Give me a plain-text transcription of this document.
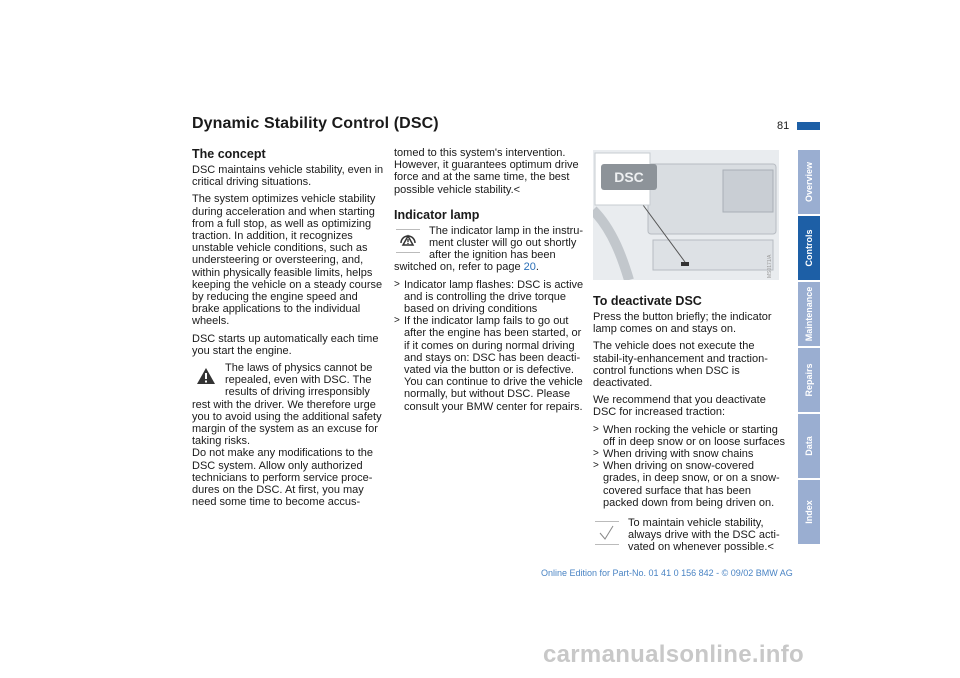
Dynamic Stability Control (DSC)	81
The concept

DSC maintains vehicle stability, even in critical driving situations.

The system optimizes vehicle stability during acceleration and when starting from a full stop, as well as optimizing traction. In addition, it recognizes unstable vehicle conditions, such as understeering or oversteering, and, within physically feasible limits, helps keeping the vehicle on a steady course by reducing the engine speed and brake applications to the individual wheels.

DSC starts up automatically each time you start the engine.

The laws of physics cannot be repealed, even with DSC. The results of driving irresponsibly rest with the driver. We therefore urge you to avoid using the additional safety margin of the system as an excuse for taking risks.

Do not make any modifications to the DSC system. Allow only authorized technicians to perform service proce-dures on the DSC. At first, you may need some time to become accus-

tomed to this system's intervention. However, it guarantees optimum drive force and at the same time, the best possible vehicle stability.<

Indicator lamp

The indicator lamp in the instru-ment cluster will go out shortly after the ignition has been switched on, refer to page 20.

> Indicator lamp flashes: DSC is active and is controlling the drive torque based on driving conditions
> If the indicator lamp fails to go out after the engine has been started, or if it comes on during normal driving and stays on: DSC has been deacti-vated via the button or is defective. You can continue to drive the vehicle normally, but without DSC. Please consult your BMW center for repairs.
DSC
MS0171/A
To deactivate DSC

Press the button briefly; the indicator lamp comes on and stays on.

The vehicle does not execute the stabil-ity-enhancement and traction-control functions when DSC is deactivated.

We recommend that you deactivate DSC for increased traction:

> When rocking the vehicle or starting off in deep snow or on loose surfaces
> When driving with snow chains
> When driving on snow-covered grades, in deep snow, or on a snow-covered surface that has been packed down from being driven on.

To maintain vehicle stability, always drive with the DSC acti-vated on whenever possible.<

Overview
Controls
Maintenance
Repairs
Data
Index
Online Edition for Part-No. 01 41 0 156 842 - © 09/02 BMW AG
carmanualsonline.info
